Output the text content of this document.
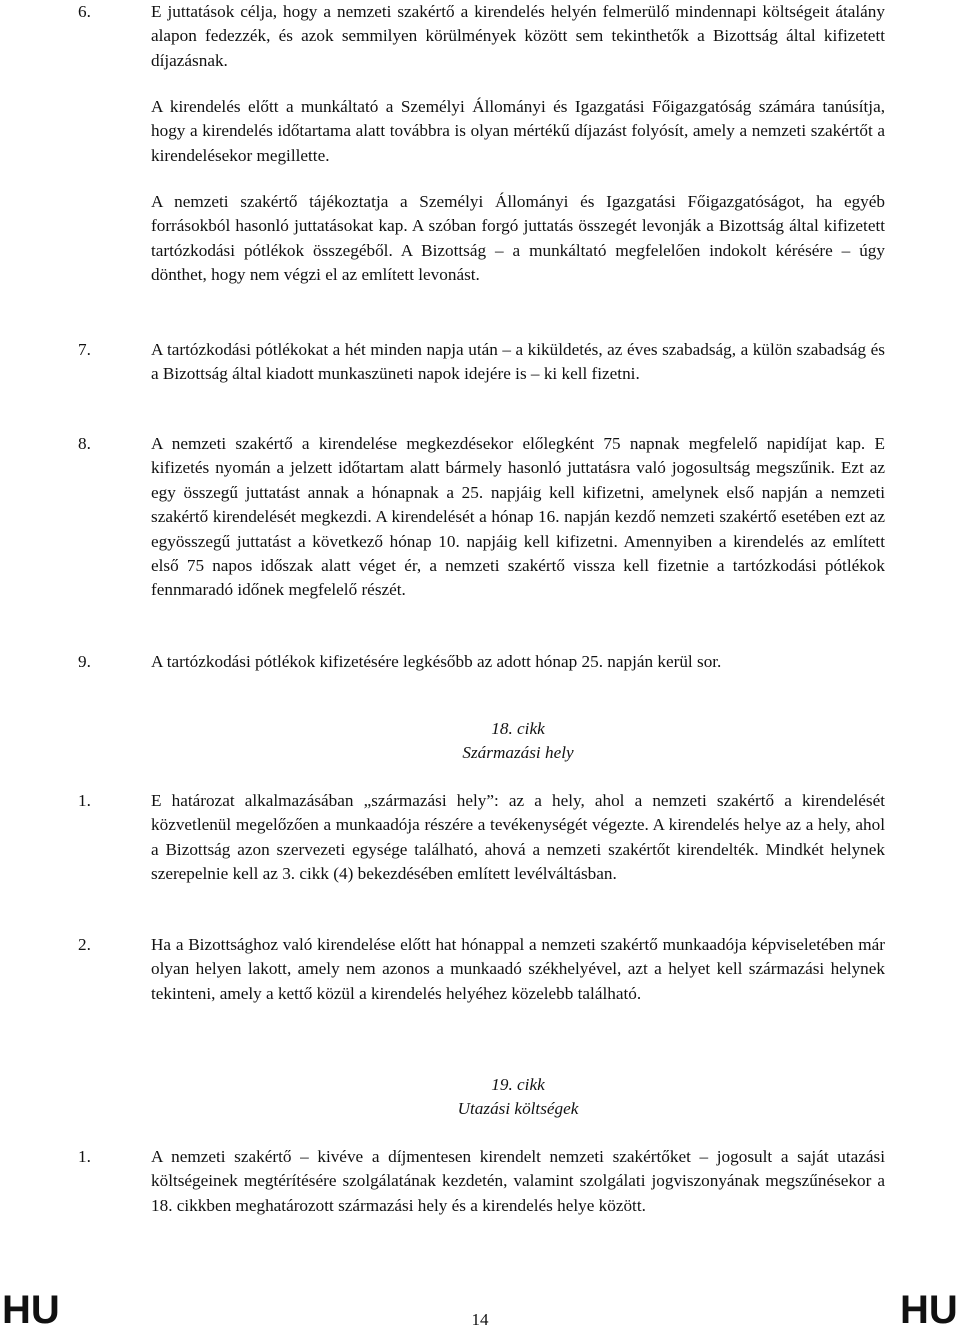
6.	E juttatások célja, hogy a nemzeti szakértő a kirendelés helyén felmerülő mindennapi költségeit átalány alapon fedezzék, és azok semmilyen körülmények között sem tekinthetők a Bizottság által kifizetett díjazásnak.

A kirendelés előtt a munkáltató a Személyi Állományi és Igazgatási Főigazgatóság számára tanúsítja, hogy a kirendelés időtartama alatt továbbra is olyan mértékű díjazást folyósít, amely a nemzeti szakértőt a kirendelésekor megillette.

A nemzeti szakértő tájékoztatja a Személyi Állományi és Igazgatási Főigazgatóságot, ha egyéb forrásokból hasonló juttatásokat kap. A szóban forgó juttatás összegét levonják a Bizottság által kifizetett tartózkodási pótlékok összegéből. A Bizottság – a munkáltató megfelelően indokolt kérésére – úgy dönthet, hogy nem végzi el az említett levonást.

7.	A tartózkodási pótlékokat a hét minden napja után – a kiküldetés, az éves szabadság, a külön szabadság és a Bizottság által kiadott munkaszüneti napok idejére is – ki kell fizetni.

8.	A nemzeti szakértő a kirendelése megkezdésekor előlegként 75 napnak megfelelő napidíjat kap. E kifizetés nyomán a jelzett időtartam alatt bármely hasonló juttatásra való jogosultság megszűnik. Ezt az egy összegű juttatást annak a hónapnak a 25. napjáig kell kifizetni, amelynek első napján a nemzeti szakértő kirendelését megkezdi. A kirendelését a hónap 16. napján kezdő nemzeti szakértő esetében ezt az egyösszegű juttatást a következő hónap 10. napjáig kell kifizetni. Amennyiben a kirendelés az említett első 75 napos időszak alatt véget ér, a nemzeti szakértő vissza kell fizetnie a tartózkodási pótlékok fennmaradó időnek megfelelő részét.

9.	A tartózkodási pótlékok kifizetésére legkésőbb az adott hónap 25. napján kerül sor.

18. cikk

Származási hely

1.	E határozat alkalmazásában „származási hely”: az a hely, ahol a nemzeti szakértő a kirendelését közvetlenül megelőzően a munkaadója részére a tevékenységét végezte. A kirendelés helye az a hely, ahol a Bizottság azon szervezeti egysége található, ahová a nemzeti szakértőt kirendelték. Mindkét helynek szerepelnie kell az 3. cikk (4) bekezdésében említett levélváltásban.

2.	Ha a Bizottsághoz való kirendelése előtt hat hónappal a nemzeti szakértő munkaadója képviseletében már olyan helyen lakott, amely nem azonos a munkaadó székhelyével, azt a helyet kell származási helynek tekinteni, amely a kettő közül a kirendelés helyéhez közelebb található.

19. cikk

Utazási költségek

1.	A nemzeti szakértő – kivéve a díjmentesen kirendelt nemzeti szakértőket – jogosult a saját utazási költségeinek megtérítésére szolgálatának kezdetén, valamint szolgálati jogviszonyának megszűnésekor a 18. cikkben meghatározott származási hely és a kirendelés helye között.

HU	14	HU
